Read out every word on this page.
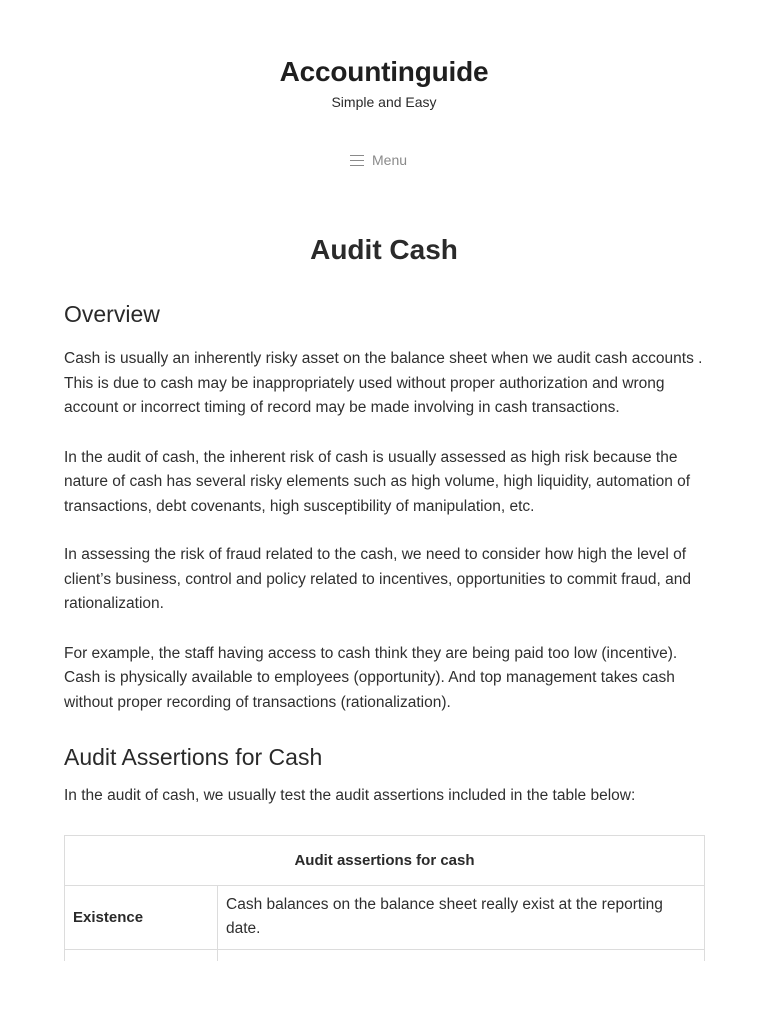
Accountinguide
Simple and Easy
Menu
Audit Cash
Overview

Cash is usually an inherently risky asset on the balance sheet when we audit cash accounts . This is due to cash may be inappropriately used without proper authorization and wrong account or incorrect timing of record may be made involving in cash transactions.

In the audit of cash, the inherent risk of cash is usually assessed as high risk because the nature of cash has several risky elements such as high volume, high liquidity, automation of transactions, debt covenants, high susceptibility of manipulation, etc.

In assessing the risk of fraud related to the cash, we need to consider how high the level of client’s business, control and policy related to incentives, opportunities to commit fraud, and rationalization.

For example, the staff having access to cash think they are being paid too low (incentive). Cash is physically available to employees (opportunity). And top management takes cash without proper recording of transactions (rationalization).

Audit Assertions for Cash

In the audit of cash, we usually test the audit assertions included in the table below:

Audit assertions for cash	
Existence	Cash balances on the balance sheet really exist at the reporting date.
